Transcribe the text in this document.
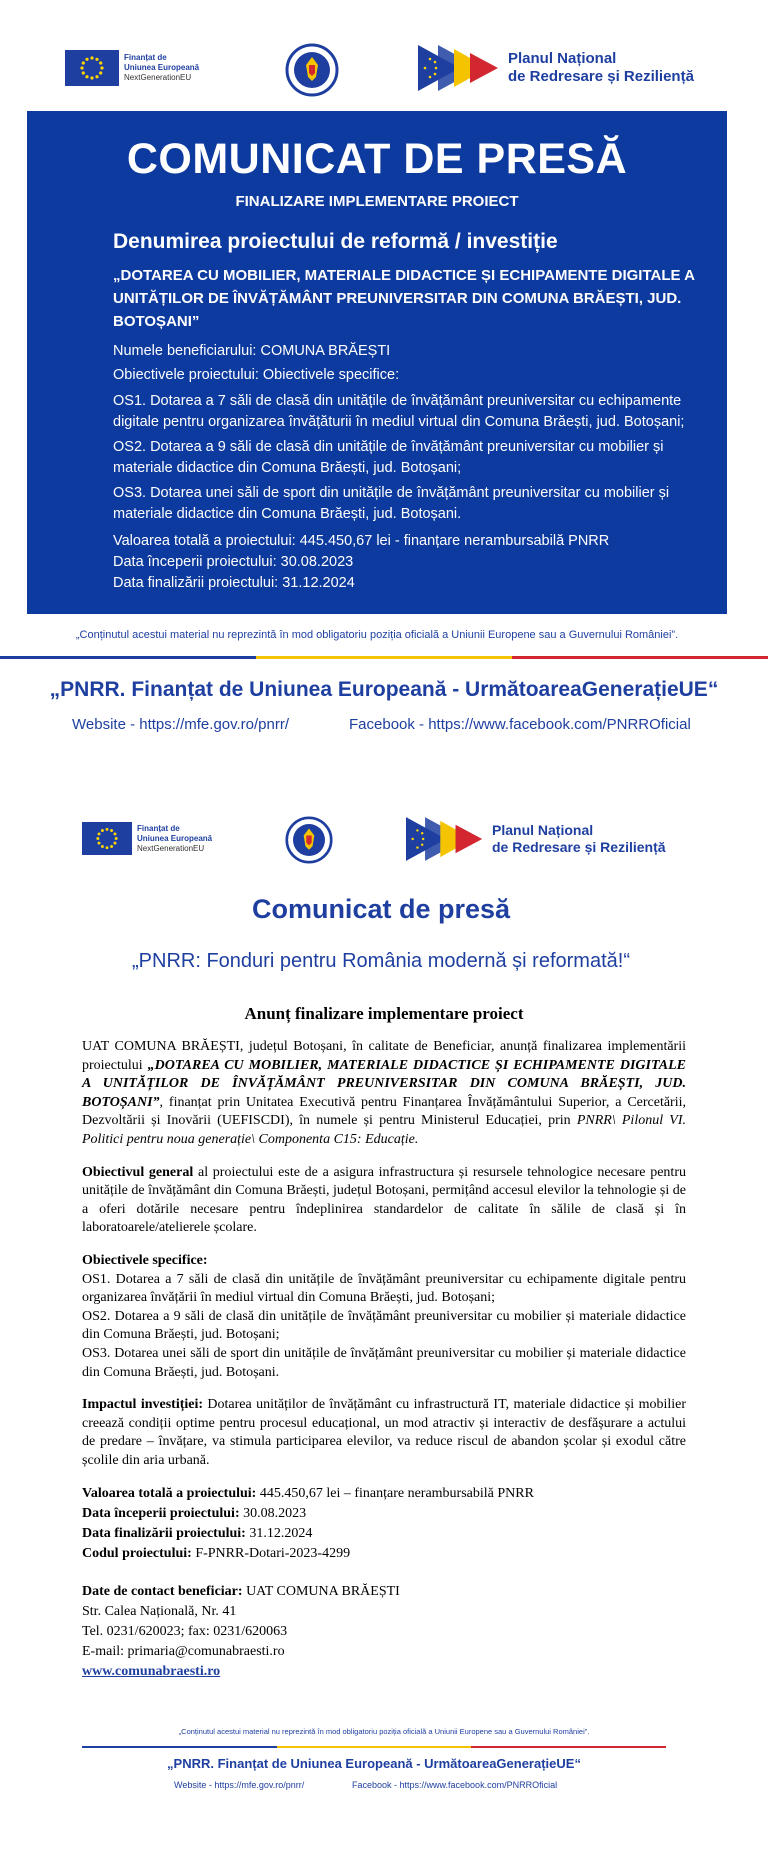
Finanțat de
Uniunea Europeană
NextGenerationEU
Planul Național
de Redresare și Reziliență
COMUNICAT DE PRESĂ
FINALIZARE IMPLEMENTARE PROIECT
Denumirea proiectului de reformă / investiție
„DOTAREA CU MOBILIER, MATERIALE DIDACTICE ȘI ECHIPAMENTE DIGITALE A UNITĂȚILOR DE ÎNVĂȚĂMÂNT PREUNIVERSITAR DIN COMUNA BRĂEȘTI, JUD. BOTOȘANI”
Numele beneficiarului: COMUNA BRĂEȘTI
Obiectivele proiectului: Obiectivele specifice:
OS1. Dotarea a 7 săli de clasă din unitățile de învățământ preuniversitar cu echipamente digitale pentru organizarea învățăturii în mediul virtual din Comuna Brăești, jud. Botoșani;
OS2. Dotarea a 9 săli de clasă din unitățile de învățământ preuniversitar cu mobilier și materiale didactice din Comuna Brăești, jud. Botoșani;
OS3. Dotarea unei săli de sport din unitățile de învățământ preuniversitar cu mobilier și materiale didactice din Comuna Brăești, jud. Botoșani.
Valoarea totală a proiectului: 445.450,67 lei - finanțare nerambursabilă PNRR
Data începerii proiectului: 30.08.2023
Data finalizării proiectului: 31.12.2024
„Conținutul acestui material nu reprezintă în mod obligatoriu poziția oficială a Uniunii Europene sau a Guvernului României”.
„PNRR. Finanțat de Uniunea Europeană - UrmătoareaGenerațieUE“
Website - https://mfe.gov.ro/pnrr/	Facebook - https://www.facebook.com/PNRROficial
Finanțat de
Uniunea Europeană
NextGenerationEU
Planul Național
de Redresare și Reziliență
Comunicat de presă
„PNRR: Fonduri pentru România modernă și reformată!“
Anunț finalizare implementare proiect

UAT COMUNA BRĂEȘTI, județul Botoșani, în calitate de Beneficiar, anunță finalizarea implementării proiectului „DOTAREA CU MOBILIER, MATERIALE DIDACTICE ȘI ECHIPAMENTE DIGITALE A UNITĂȚILOR DE ÎNVĂȚĂMÂNT PREUNIVERSITAR DIN COMUNA BRĂEȘTI, JUD. BOTOȘANI”, finanțat prin Unitatea Executivă pentru Finanțarea Învățământului Superior, a Cercetării, Dezvoltării și Inovării (UEFISCDI), în numele și pentru Ministerul Educației, prin PNRR\ Pilonul VI. Politici pentru noua generație\ Componenta C15: Educație.

Obiectivul general al proiectului este de a asigura infrastructura și resursele tehnologice necesare pentru unitățile de învățământ din Comuna Brăești, județul Botoșani, permițând accesul elevilor la tehnologie și de a oferi dotările necesare pentru îndeplinirea standardelor de calitate în sălile de clasă și în laboratoarele/atelierele școlare.

Obiectivele specifice:
OS1. Dotarea a 7 săli de clasă din unitățile de învățământ preuniversitar cu echipamente digitale pentru organizarea învățării în mediul virtual din Comuna Brăești, jud. Botoșani;
OS2. Dotarea a 9 săli de clasă din unitățile de învățământ preuniversitar cu mobilier și materiale didactice din Comuna Brăești, jud. Botoșani;
OS3. Dotarea unei săli de sport din unitățile de învățământ preuniversitar cu mobilier și materiale didactice din Comuna Brăești, jud. Botoșani.

Impactul investiției: Dotarea unităților de învățământ cu infrastructură IT, materiale didactice și mobilier creează condiții optime pentru procesul educațional, un mod atractiv și interactiv de desfășurare a actului de predare – învățare, va stimula participarea elevilor, va reduce riscul de abandon școlar și exodul către școlile din aria urbană.

Valoarea totală a proiectului: 445.450,67 lei – finanțare nerambursabilă PNRR
Data începerii proiectului: 30.08.2023
Data finalizării proiectului: 31.12.2024
Codul proiectului: F-PNRR-Dotari-2023-4299
Date de contact beneficiar: UAT COMUNA BRĂEȘTI
Str. Calea Națională, Nr. 41
Tel. 0231/620023; fax: 0231/620063
E-mail: primaria@comunabraesti.ro
www.comunabraesti.ro
„Conținutul acestui material nu reprezintă în mod obligatoriu poziția oficială a Uniunii Europene sau a Guvernului României”.
„PNRR. Finanțat de Uniunea Europeană - UrmătoareaGenerațieUE“
Website - https://mfe.gov.ro/pnrr/	Facebook - https://www.facebook.com/PNRROficial
